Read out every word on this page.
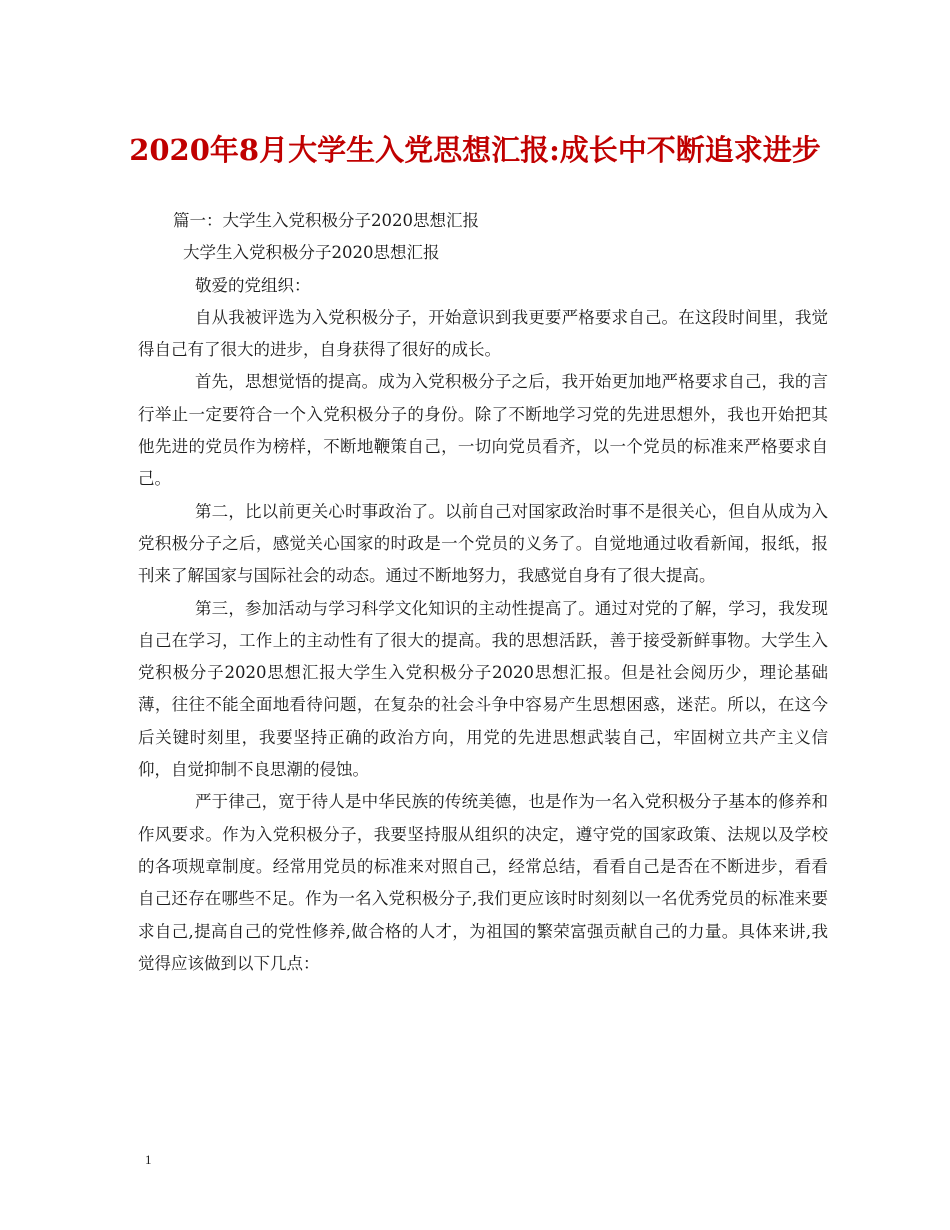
2020年8月大学生入党思想汇报:成长中不断追求进步

篇一：大学生入党积极分子2020思想汇报

大学生入党积极分子2020思想汇报

敬爱的党组织：

自从我被评选为入党积极分子，开始意识到我更要严格要求自己。在这段时间里，我觉得自己有了很大的进步，自身获得了很好的成长。

首先，思想觉悟的提高。成为入党积极分子之后，我开始更加地严格要求自己，我的言行举止一定要符合一个入党积极分子的身份。除了不断地学习党的先进思想外，我也开始把其他先进的党员作为榜样，不断地鞭策自己，一切向党员看齐，以一个党员的标准来严格要求自己。

第二，比以前更关心时事政治了。以前自己对国家政治时事不是很关心，但自从成为入党积极分子之后，感觉关心国家的时政是一个党员的义务了。自觉地通过收看新闻，报纸，报刊来了解国家与国际社会的动态。通过不断地努力，我感觉自身有了很大提高。

第三，参加活动与学习科学文化知识的主动性提高了。通过对党的了解，学习，我发现自己在学习，工作上的主动性有了很大的提高。我的思想活跃，善于接受新鲜事物。大学生入党积极分子2020思想汇报大学生入党积极分子2020思想汇报。但是社会阅历少，理论基础薄，往往不能全面地看待问题，在复杂的社会斗争中容易产生思想困惑，迷茫。所以，在这今后关键时刻里，我要坚持正确的政治方向，用党的先进思想武装自己，牢固树立共产主义信仰，自觉抑制不良思潮的侵蚀。

严于律己，宽于待人是中华民族的传统美德，也是作为一名入党积极分子基本的修养和作风要求。作为入党积极分子，我要坚持服从组织的决定，遵守党的国家政策、法规以及学校的各项规章制度。经常用党员的标准来对照自己，经常总结，看看自己是否在不断进步，看看自己还存在哪些不足。作为一名入党积极分子,我们更应该时时刻刻以一名优秀党员的标准来要求自己,提高自己的党性修养,做合格的人才，为祖国的繁荣富强贡献自己的力量。具体来讲,我觉得应该做到以下几点：

1
